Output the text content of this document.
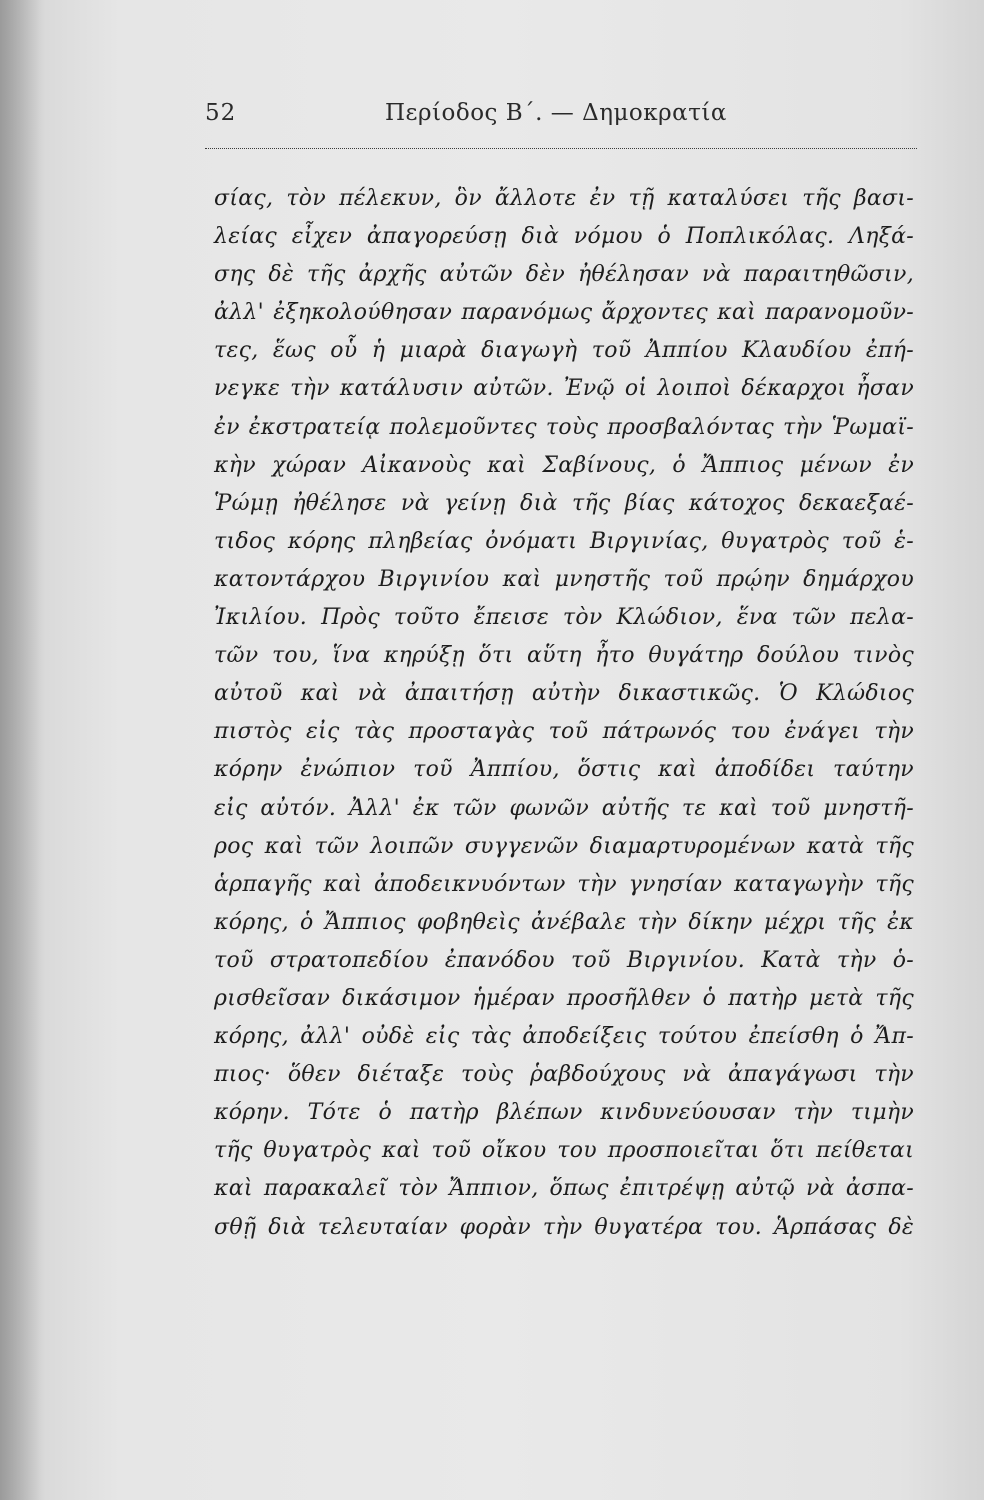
52	Περίοδος Β΄. — Δημοκρατία
σίας, τὸν πέλεκυν, ὃν ἄλλοτε ἐν τῇ καταλύσει τῆς βασι-
λείας εἶχεν ἀπαγορεύσῃ διὰ νόμου ὁ Ποπλικόλας. Ληξά-
σης δὲ τῆς ἀρχῆς αὐτῶν δὲν ἠθέλησαν νὰ παραιτηθῶσιν,
ἀλλ' ἐξηκολούθησαν παρανόμως ἄρχοντες καὶ παρανομοῦν-
τες, ἕως οὗ ἡ μιαρὰ διαγωγὴ τοῦ Ἀππίου Κλαυδίου ἐπή-
νεγκε τὴν κατάλυσιν αὐτῶν. Ἐνῷ οἱ λοιποὶ δέκαρχοι ἦσαν
ἐν ἐκστρατείᾳ πολεμοῦντες τοὺς προσβαλόντας τὴν Ῥωμαϊ-
κὴν χώραν Αἰκανοὺς καὶ Σαβίνους, ὁ Ἄππιος μένων ἐν
Ῥώμῃ ἠθέλησε νὰ γείνῃ διὰ τῆς βίας κάτοχος δεκαεξαέ-
τιδος κόρης πληβείας ὀνόματι Βιργινίας, θυγατρὸς τοῦ ἑ-
κατοντάρχου Βιργινίου καὶ μνηστῆς τοῦ πρῴην δημάρχου
Ἰκιλίου. Πρὸς τοῦτο ἔπεισε τὸν Κλώδιον, ἕνα τῶν πελα-
τῶν του, ἵνα κηρύξῃ ὅτι αὕτη ἦτο θυγάτηρ δούλου τινὸς
αὐτοῦ καὶ νὰ ἀπαιτήσῃ αὐτὴν δικαστικῶς. Ὁ Κλώδιος
πιστὸς εἰς τὰς προσταγὰς τοῦ πάτρωνός του ἐνάγει τὴν
κόρην ἐνώπιον τοῦ Ἀππίου, ὅστις καὶ ἀποδίδει ταύτην
εἰς αὐτόν. Ἀλλ' ἐκ τῶν φωνῶν αὐτῆς τε καὶ τοῦ μνηστῆ-
ρος καὶ τῶν λοιπῶν συγγενῶν διαμαρτυρομένων κατὰ τῆς
ἁρπαγῆς καὶ ἀποδεικνυόντων τὴν γνησίαν καταγωγὴν τῆς
κόρης, ὁ Ἄππιος φοβηθεὶς ἀνέβαλε τὴν δίκην μέχρι τῆς ἐκ
τοῦ στρατοπεδίου ἐπανόδου τοῦ Βιργινίου. Κατὰ τὴν ὁ-
ρισθεῖσαν δικάσιμον ἡμέραν προσῆλθεν ὁ πατὴρ μετὰ τῆς
κόρης, ἀλλ' οὐδὲ εἰς τὰς ἀποδείξεις τούτου ἐπείσθη ὁ Ἄπ-
πιος· ὅθεν διέταξε τοὺς ῥαβδούχους νὰ ἀπαγάγωσι τὴν
κόρην. Τότε ὁ πατὴρ βλέπων κινδυνεύουσαν τὴν τιμὴν
τῆς θυγατρὸς καὶ τοῦ οἴκου του προσποιεῖται ὅτι πείθεται
καὶ παρακαλεῖ τὸν Ἄππιον, ὅπως ἐπιτρέψῃ αὐτῷ νὰ ἀσπα-
σθῇ διὰ τελευταίαν φορὰν τὴν θυγατέρα του. Ἁρπάσας δὲ
